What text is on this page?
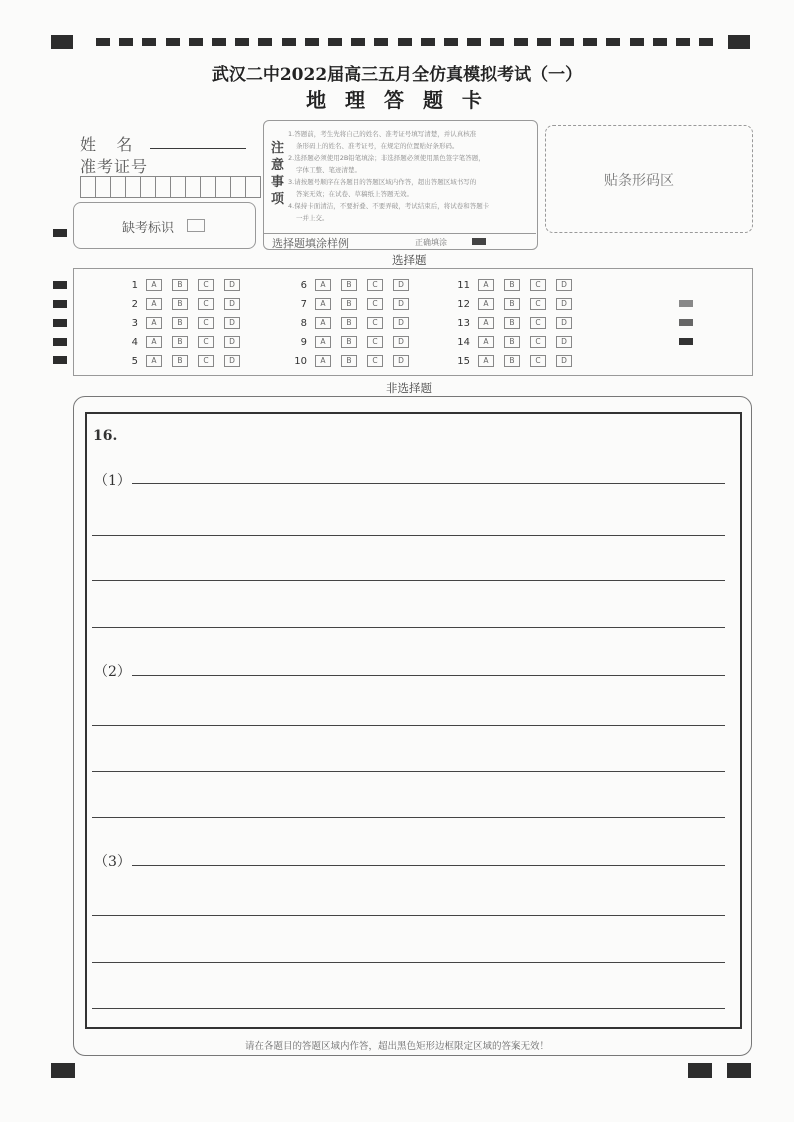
武汉二中2022届高三五月全仿真模拟考试（一）
地 理 答 题 卡
姓    名
准考证号
缺考标识
注意事项
1.答题前，考生先将自己的姓名、准考证号填写清楚，并认真核准
条形码上的姓名、准考证号，在规定的位置贴好条形码。
2.选择题必须使用2B铅笔填涂；非选择题必须使用黑色签字笔答题，
字体工整、笔迹清楚。
3.请按题号顺序在各题目的答题区域内作答，超出答题区域书写的
答案无效；在试卷、草稿纸上答题无效。
4.保持卡面清洁，不要折叠、不要弄破，考试结束后，将试卷和答题卡
一并上交。
选择题填涂样例	正确填涂
贴条形码区
选择题
1 A	B	C	D
2 A	B	C	D
3 A	B	C	D
4 A	B	C	D
5 A	B	C	D
6 A	B	C	D
7 A	B	C	D
8 A	B	C	D
9 A	B	C	D
10 A	B	C	D
11 A	B	C	D
12 A	B	C	D
13 A	B	C	D
14 A	B	C	D
15 A	B	C	D
非选择题
16.
（1）
（2）
（3）
请在各题目的答题区域内作答，超出黑色矩形边框限定区域的答案无效！
